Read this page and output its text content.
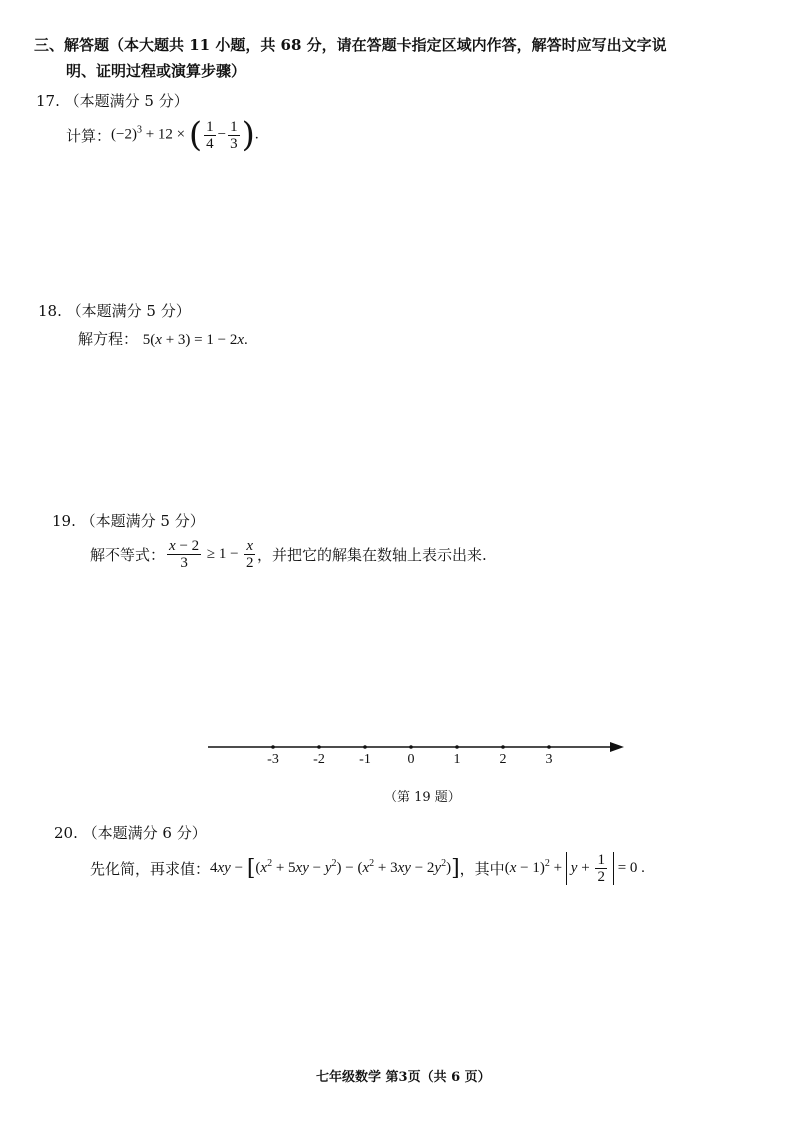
三、解答题（本大题共 11 小题，共 68 分，请在答题卡指定区域内作答，解答时应写出文字说
明、证明过程或演算步骤）
17. （本题满分 5 分）
计算： $(-2)^3 + 12$ × ( $\frac{1}{4} - \frac{1}{3}$ ).
18. （本题满分 5 分）
解方程： 5(x + 3) = 1 − 2x.
19. （本题满分 5 分）
解不等式： $\frac{x - 2}{3} \ge 1 - \frac{x}{2}$ ，并把它的解集在数轴上表示出来.
-3	-2	-1	0	1	2	3
（第 19 题）
20. （本题满分 6 分）
先化简，再求值： $4xy - [(x^2 + 5xy - y^2) - (x^2 + 3xy - 2y^2)]$ ，其中 $(x - 1)^2 + y + \frac{1}{2} = 0$ .
七年级数学 第3页（共 6 页）
